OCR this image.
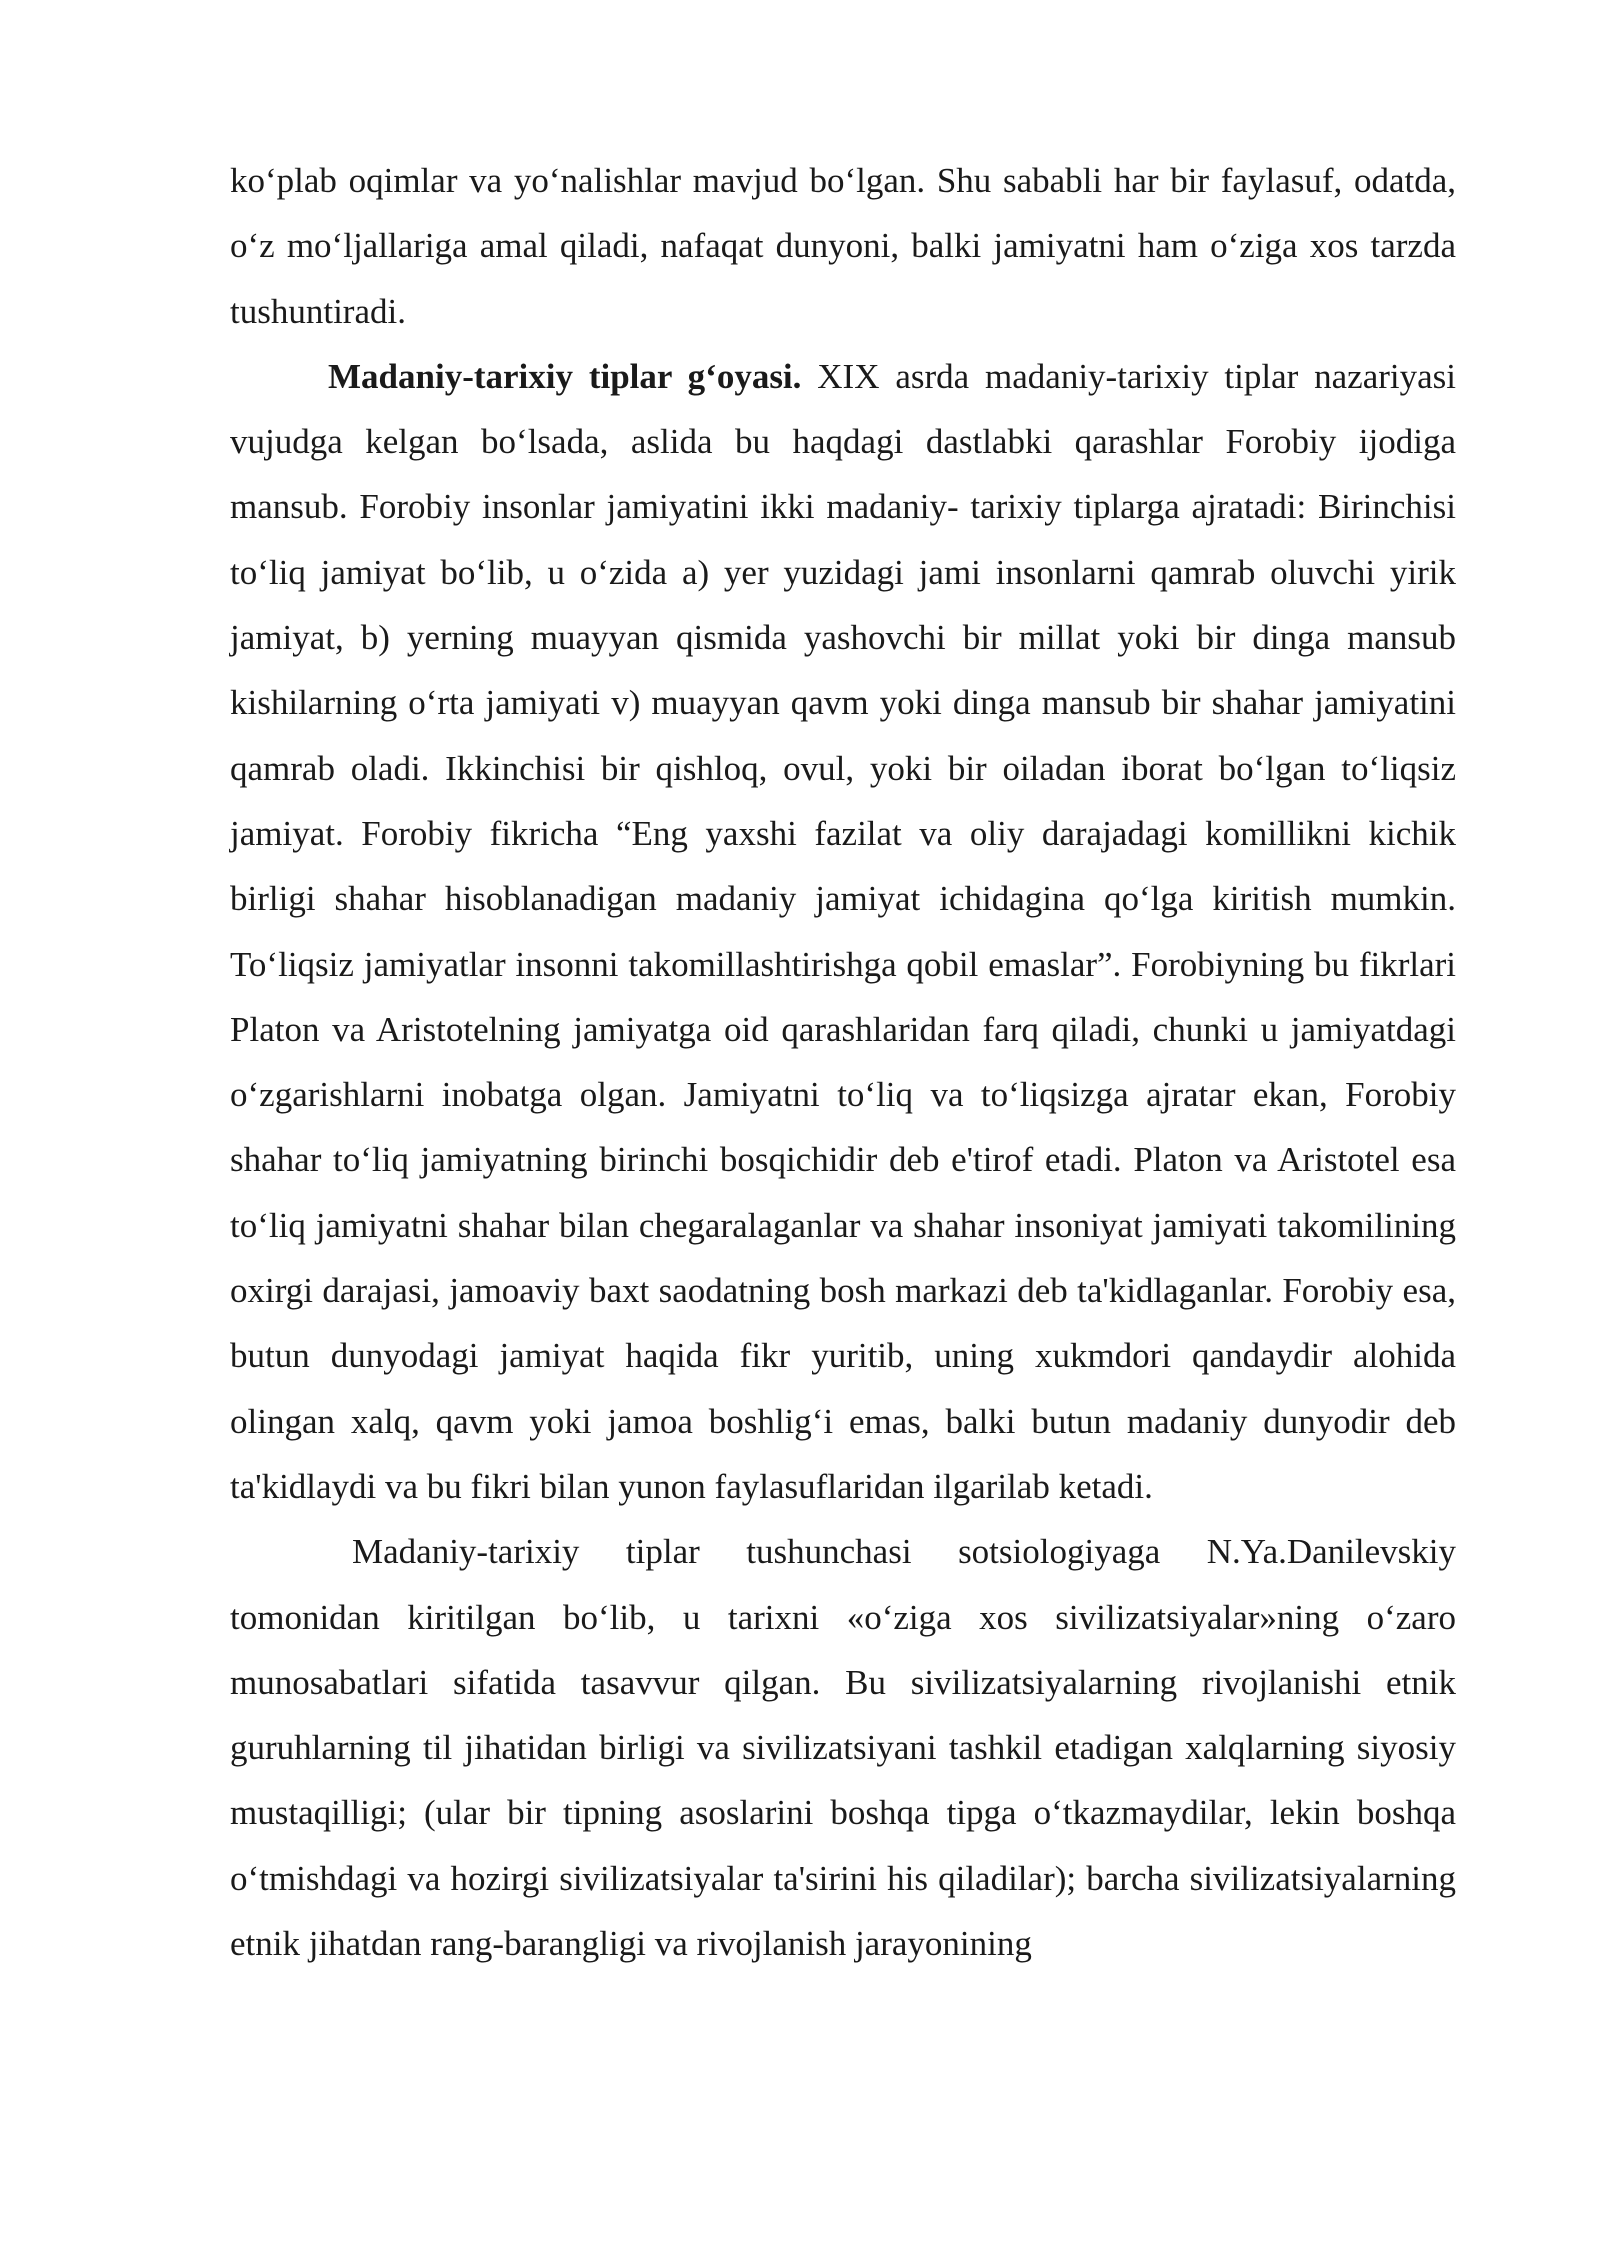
ko‘plab oqimlar va yo‘nalishlar mavjud bo‘lgan. Shu sababli har bir faylasuf, odatda, o‘z mo‘ljallariga amal qiladi, nafaqat dunyoni, balki jamiyatni ham o‘ziga xos tarzda tushuntiradi.

Madaniy-tarixiy tiplar g‘oyasi. XIX asrda madaniy-tarixiy tiplar nazariyasi vujudga kelgan bo‘lsada, aslida bu haqdagi dastlabki qarashlar Forobiy ijodiga mansub. Forobiy insonlar jamiyatini ikki madaniy- tarixiy tiplarga ajratadi: Birinchisi to‘liq jamiyat bo‘lib, u o‘zida a) yer yuzidagi jami insonlarni qamrab oluvchi yirik jamiyat, b) yerning muayyan qismida yashovchi bir millat yoki bir dinga mansub kishilarning o‘rta jamiyati v) muayyan qavm yoki dinga mansub bir shahar jamiyatini qamrab oladi. Ikkinchisi bir qishloq, ovul, yoki bir oiladan iborat bo‘lgan to‘liqsiz jamiyat. Forobiy fikricha “Eng yaxshi fazilat va oliy darajadagi komillikni kichik birligi shahar hisoblanadigan madaniy jamiyat ichidagina qo‘lga kiritish mumkin. To‘liqsiz jamiyatlar insonni takomillashtirishga qobil emaslar”. Forobiyning bu fikrlari Platon va Aristotelning jamiyatga oid qarashlaridan farq qiladi, chunki u jamiyatdagi o‘zgarishlarni inobatga olgan. Jamiyatni to‘liq va to‘liqsizga ajratar ekan, Forobiy shahar to‘liq jamiyatning birinchi bosqichidir deb e'tirof etadi. Platon va Aristotel esa to‘liq jamiyatni shahar bilan chegaralaganlar va shahar insoniyat jamiyati takomilining oxirgi darajasi, jamoaviy baxt saodatning bosh markazi deb ta'kidlaganlar. Forobiy esa, butun dunyodagi jamiyat haqida fikr yuritib, uning xukmdori qandaydir alohida olingan xalq, qavm yoki jamoa boshlig‘i emas, balki butun madaniy dunyodir deb ta'kidlaydi va bu fikri bilan yunon faylasuflaridan ilgarilab ketadi.

Madaniy-tarixiy tiplar tushunchasi sotsiologiyaga N.Ya.Danilevskiy tomonidan kiritilgan bo‘lib, u tarixni «o‘ziga xos sivilizatsiyalar»ning o‘zaro munosabatlari sifatida tasavvur qilgan. Bu sivilizatsiyalarning rivojlanishi etnik guruhlarning til jihatidan birligi va sivilizatsiyani tashkil etadigan xalqlarning siyosiy mustaqilligi; (ular bir tipning asoslarini boshqa tipga o‘tkazmaydilar, lekin boshqa o‘tmishdagi va hozirgi sivilizatsiyalar ta'sirini his qiladilar); barcha sivilizatsiyalarning etnik jihatdan rang-barangligi va rivojlanish jarayonining
